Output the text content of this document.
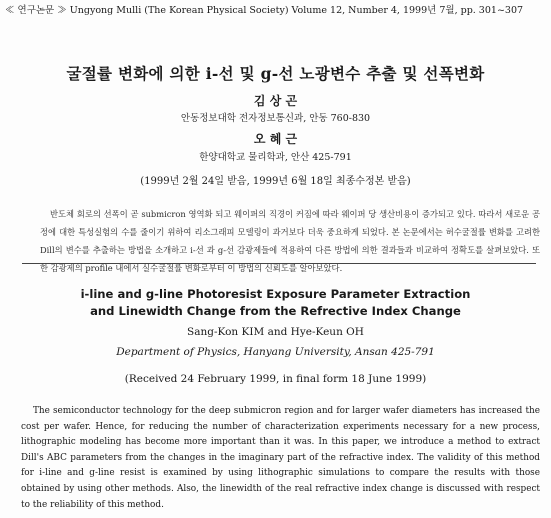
≪ 연구논문 ≫ Ungyong Mulli (The Korean Physical Society) Volume 12, Number 4, 1999년 7월, pp. 301~307
굴절률 변화에 의한 i-선 및 g-선 노광변수 추출 및 선폭변화
김 상 곤
안동정보대학 전자정보통신과, 안동 760-830
오 혜 근
한양대학교 물리학과, 안산 425-791
(1999년 2월 24일 받음, 1999년 6월 18일 최종수정본 받음)
반도체 회로의 선폭이 곧 submicron 영역화 되고 웨이퍼의 직경이 커짐에 따라 웨이퍼 당 생산비용이 증가되고 있다. 따라서 새로운 공정에 대한 특성실험의 수를 줄이기 위하여 리소그래피 모델링이 과거보다 더욱 중요하게 되었다. 본 논문에서는 허수굴절률 변화를 고려한 Dill의 변수를 추출하는 방법을 소개하고 i-선 과 g-선 감광제들에 적용하여 다른 방법에 의한 결과들과 비교하여 정확도를 살펴보았다. 또한 감광제의 profile 내에서 실수굴절률 변화로부터 이 방법의 신뢰도를 알아보았다.
i-line and g-line Photoresist Exposure Parameter Extraction
and Linewidth Change from the Refrective Index Change
Sang-Kon KIM and Hye-Keun OH
Department of Physics, Hanyang University, Ansan 425-791
(Received 24 February 1999, in final form 18 June 1999)
The semiconductor technology for the deep submicron region and for larger wafer diameters has increased the cost per wafer. Hence, for reducing the number of characterization experiments necessary for a new process, lithographic modeling has become more important than it was. In this paper, we introduce a method to extract Dill's ABC parameters from the changes in the imaginary part of the refractive index. The validity of this method for i-line and g-line resist is examined by using lithographic simulations to compare the results with those obtained by using other methods. Also, the linewidth of the real refractive index change is discussed with respect to the reliability of this method.
